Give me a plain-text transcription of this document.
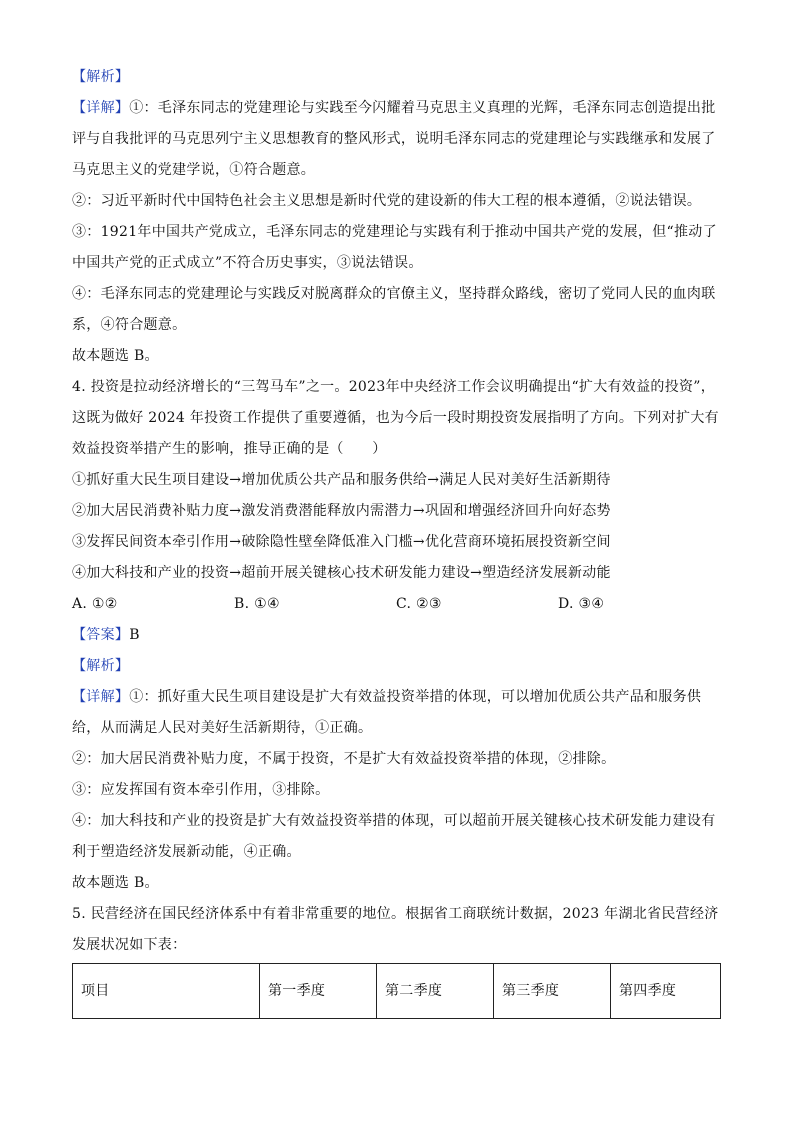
【解析】
【详解】①：毛泽东同志的党建理论与实践至今闪耀着马克思主义真理的光辉，毛泽东同志创造提出批评与自我批评的马克思列宁主义思想教育的整风形式，说明毛泽东同志的党建理论与实践继承和发展了马克思主义的党建学说，①符合题意。
②：习近平新时代中国特色社会主义思想是新时代党的建设新的伟大工程的根本遵循，②说法错误。
③：1921年中国共产党成立，毛泽东同志的党建理论与实践有利于推动中国共产党的发展，但“推动了中国共产党的正式成立”不符合历史事实，③说法错误。
④：毛泽东同志的党建理论与实践反对脱离群众的官僚主义，坚持群众路线，密切了党同人民的血肉联系，④符合题意。
故本题选 B。
4. 投资是拉动经济增长的“三驾马车”之一。2023年中央经济工作会议明确提出“扩大有效益的投资”，这既为做好 2024 年投资工作提供了重要遵循，也为今后一段时期投资发展指明了方向。下列对扩大有效益投资举措产生的影响，推导正确的是（　　）
①抓好重大民生项目建设→增加优质公共产品和服务供给→满足人民对美好生活新期待
②加大居民消费补贴力度→激发消费潜能释放内需潜力→巩固和增强经济回升向好态势
③发挥民间资本牵引作用→破除隐性壁垒降低准入门槛→优化营商环境拓展投资新空间
④加大科技和产业的投资→超前开展关键核心技术研发能力建设→塑造经济发展新动能
A. ①②	B. ①④	C. ②③	D. ③④
【答案】B
【解析】
【详解】①：抓好重大民生项目建设是扩大有效益投资举措的体现，可以增加优质公共产品和服务供给，从而满足人民对美好生活新期待，①正确。
②：加大居民消费补贴力度，不属于投资，不是扩大有效益投资举措的体现，②排除。
③：应发挥国有资本牵引作用，③排除。
④：加大科技和产业的投资是扩大有效益投资举措的体现，可以超前开展关键核心技术研发能力建设有利于塑造经济发展新动能，④正确。
故本题选 B。
5. 民营经济在国民经济体系中有着非常重要的地位。根据省工商联统计数据，2023 年湖北省民营经济发展状况如下表：
项目	第一季度	第二季度	第三季度	第四季度
